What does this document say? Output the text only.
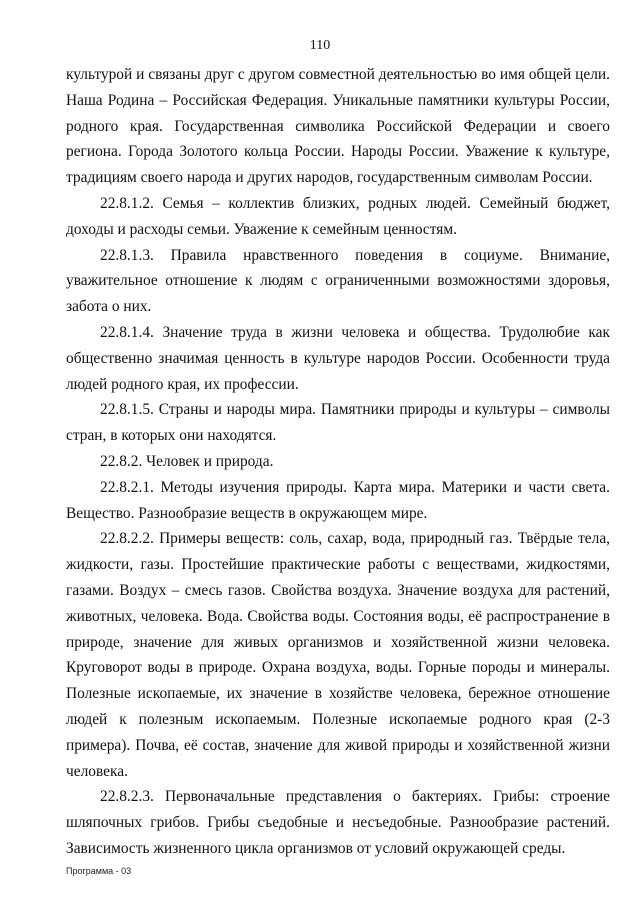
110

культурой и связаны друг с другом совместной деятельностью во имя общей цели. Наша Родина – Российская Федерация. Уникальные памятники культуры России, родного края. Государственная символика Российской Федерации и своего региона. Города Золотого кольца России. Народы России. Уважение к культуре, традициям своего народа и других народов, государственным символам России.

22.8.1.2. Семья – коллектив близких, родных людей. Семейный бюджет, доходы и расходы семьи. Уважение к семейным ценностям.

22.8.1.3. Правила нравственного поведения в социуме. Внимание, уважительное отношение к людям с ограниченными возможностями здоровья, забота о них.

22.8.1.4. Значение труда в жизни человека и общества. Трудолюбие как общественно значимая ценность в культуре народов России. Особенности труда людей родного края, их профессии.

22.8.1.5. Страны и народы мира. Памятники природы и культуры – символы стран, в которых они находятся.

22.8.2. Человек и природа.

22.8.2.1. Методы изучения природы. Карта мира. Материки и части света. Вещество. Разнообразие веществ в окружающем мире.

22.8.2.2. Примеры веществ: соль, сахар, вода, природный газ. Твёрдые тела, жидкости, газы. Простейшие практические работы с веществами, жидкостями, газами. Воздух – смесь газов. Свойства воздуха. Значение воздуха для растений, животных, человека. Вода. Свойства воды. Состояния воды, её распространение в природе, значение для живых организмов и хозяйственной жизни человека. Круговорот воды в природе. Охрана воздуха, воды. Горные породы и минералы. Полезные ископаемые, их значение в хозяйстве человека, бережное отношение людей к полезным ископаемым. Полезные ископаемые родного края (2-3 примера). Почва, её состав, значение для живой природы и хозяйственной жизни человека.

22.8.2.3. Первоначальные представления о бактериях. Грибы: строение шляпочных грибов. Грибы съедобные и несъедобные. Разнообразие растений. Зависимость жизненного цикла организмов от условий окружающей среды.

Программа - 03
